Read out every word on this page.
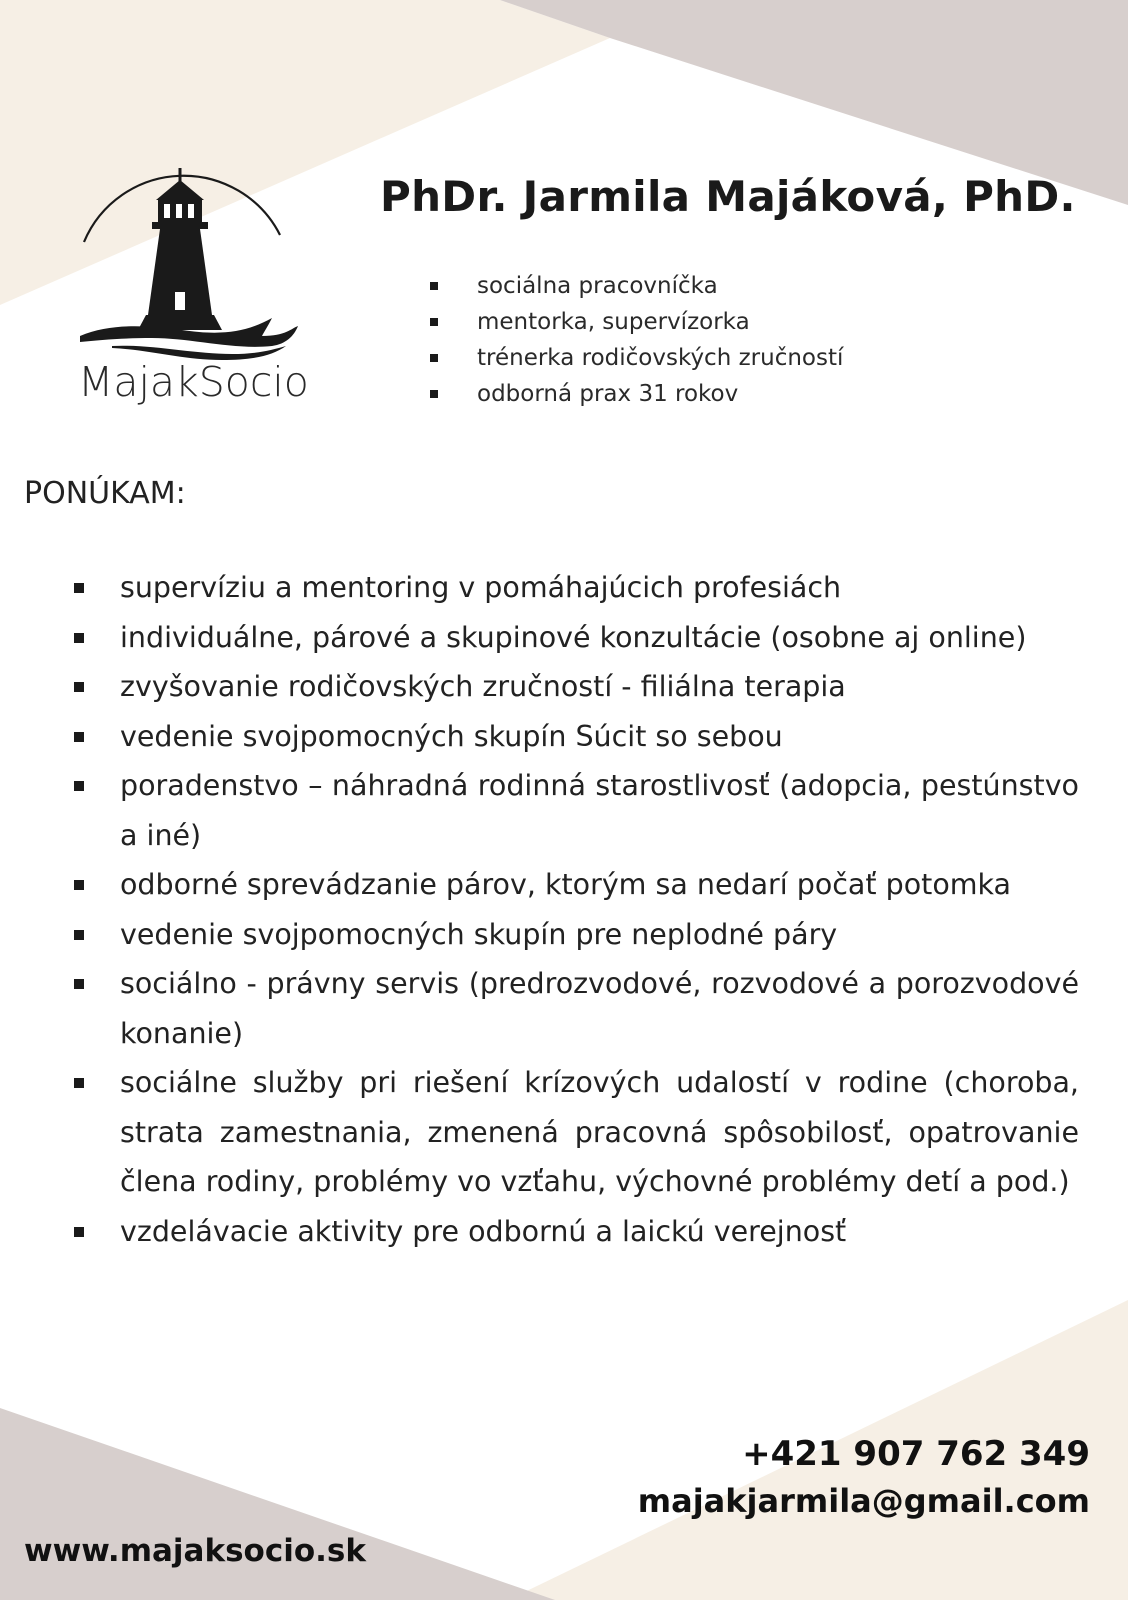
MajakSocio
PhDr. Jarmila Majáková, PhD.
sociálna pracovníčka
mentorka, supervízorka
trénerka rodičovských zručností
odborná prax 31 rokov
PONÚKAM:
supervíziu a mentoring v pomáhajúcich profesiách
individuálne, párové a skupinové konzultácie (osobne aj online)
zvyšovanie rodičovských zručností - filiálna terapia
vedenie svojpomocných skupín Súcit so sebou
poradenstvo – náhradná rodinná starostlivosť (adopcia, pestúnstvo a iné)
odborné sprevádzanie párov, ktorým sa nedarí počať potomka
vedenie svojpomocných skupín pre neplodné páry
sociálno - právny servis (predrozvodové, rozvodové a porozvodové konanie)
sociálne služby pri riešení krízových udalostí v rodine (choroba, strata zamestnania, zmenená pracovná spôsobilosť, opatrovanie člena rodiny, problémy vo vzťahu, výchovné problémy detí a pod.)
vzdelávacie aktivity pre odbornú a laickú verejnosť
+421 907 762 349
majakjarmila@gmail.com
www.majaksocio.sk
